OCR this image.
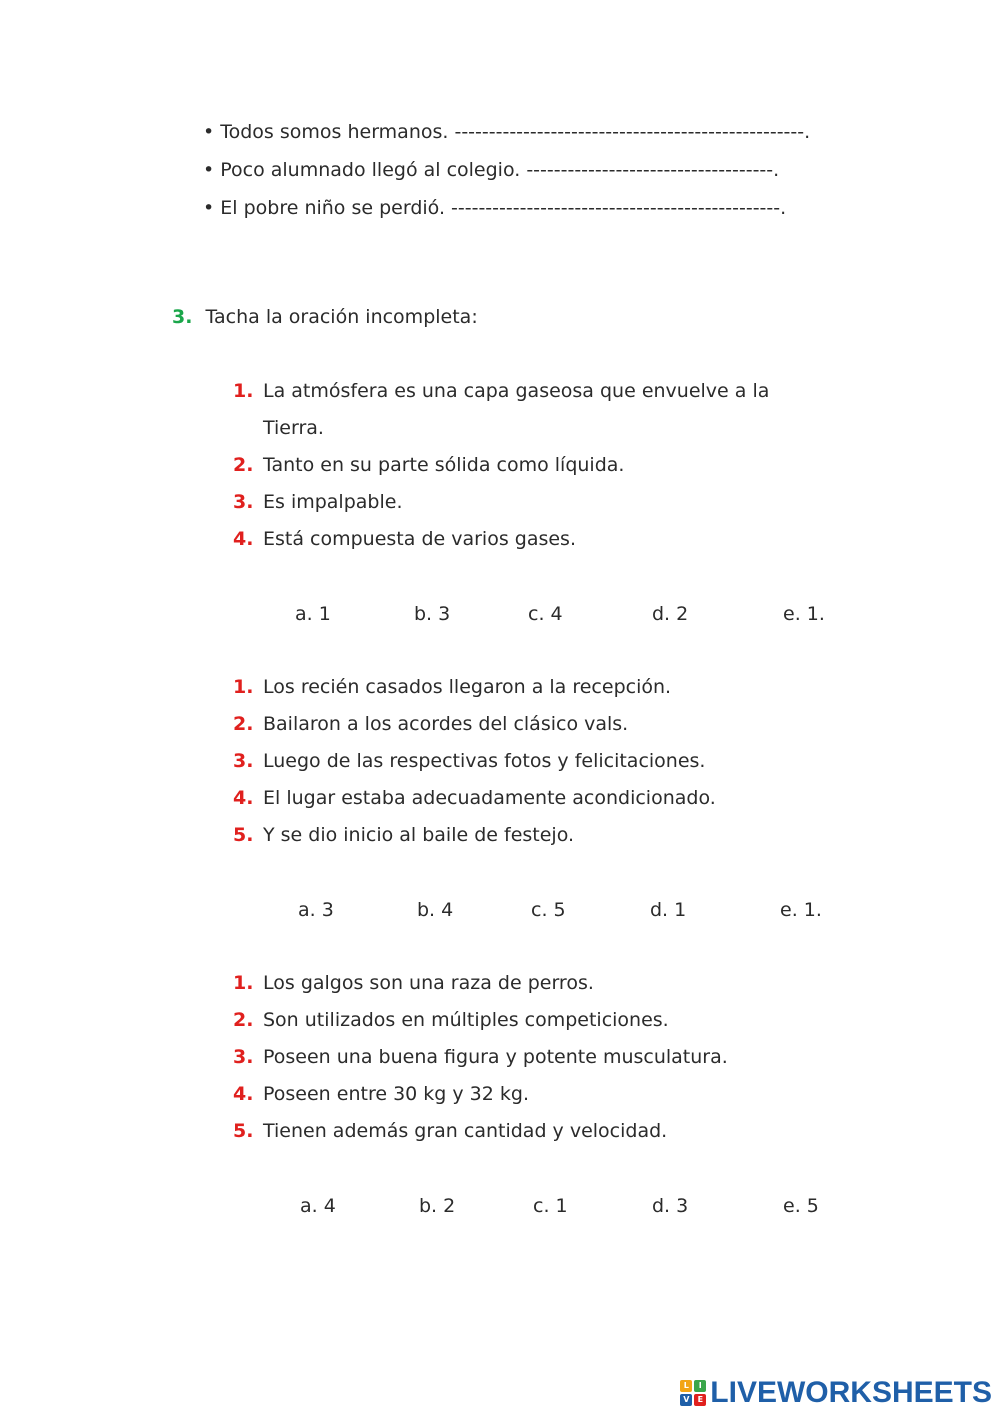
• Todos somos hermanos. ---------------------------------------------------.
• Poco alumnado llegó al colegio. ------------------------------------.
• El pobre niño se perdió. ------------------------------------------------.
3. Tacha la oración incompleta:
1. La atmósfera es una capa gaseosa que envuelve a la
Tierra.
2. Tanto en su parte sólida como líquida.
3. Es impalpable.
4. Está compuesta de varios gases.
a. 1	b. 3	c. 4	d. 2	e. 1.
1. Los recién casados llegaron a la recepción.
2. Bailaron a los acordes del clásico vals.
3. Luego de las respectivas fotos y felicitaciones.
4. El lugar estaba adecuadamente acondicionado.
5. Y se dio inicio al baile de festejo.
a. 3	b. 4	c. 5	d. 1	e. 1.
1. Los galgos son una raza de perros.
2. Son utilizados en múltiples competiciones.
3. Poseen una buena figura y potente musculatura.
4. Poseen entre 30 kg y 32 kg.
5. Tienen además gran cantidad y velocidad.
a. 4	b. 2	c. 1	d. 3	e. 5
L	I
V	E LIVEWORKSHEETS
